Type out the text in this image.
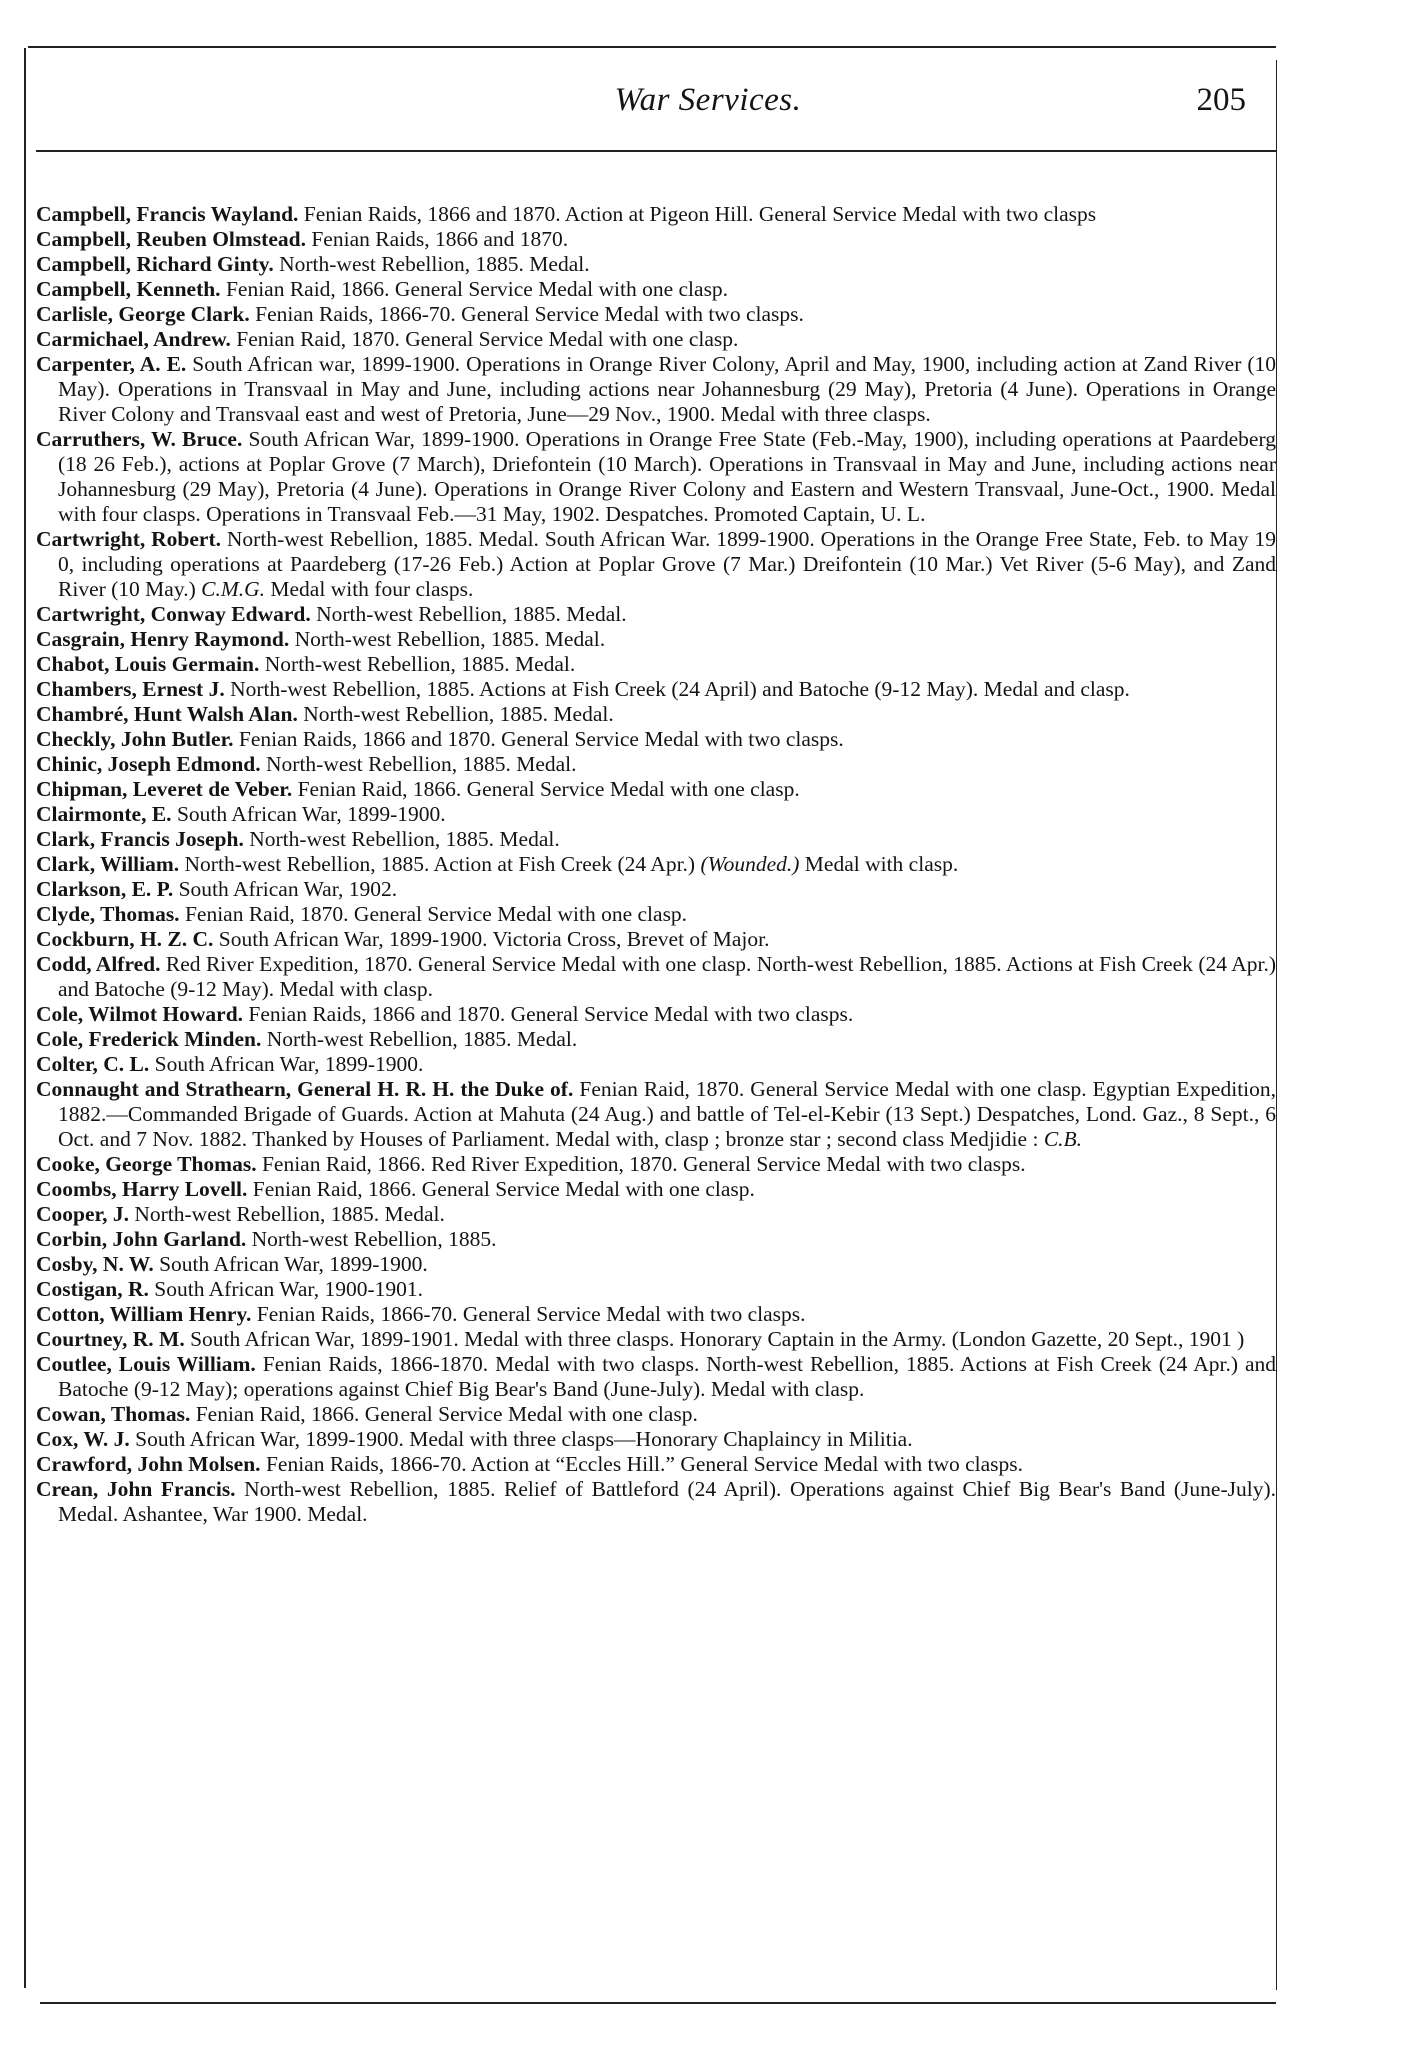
War Services.	205

Campbell, Francis Wayland. Fenian Raids, 1866 and 1870. Action at Pigeon Hill. General Service Medal with two clasps

Campbell, Reuben Olmstead. Fenian Raids, 1866 and 1870.

Campbell, Richard Ginty. North-west Rebellion, 1885. Medal.

Campbell, Kenneth. Fenian Raid, 1866. General Service Medal with one clasp.

Carlisle, George Clark. Fenian Raids, 1866-70. General Service Medal with two clasps.

Carmichael, Andrew. Fenian Raid, 1870. General Service Medal with one clasp.

Carpenter, A. E. South African war, 1899-1900. Operations in Orange River Colony, April and May, 1900, including action at Zand River (10 May). Operations in Transvaal in May and June, including actions near Johannesburg (29 May), Pretoria (4 June). Operations in Orange River Colony and Transvaal east and west of Pretoria, June—29 Nov., 1900. Medal with three clasps.

Carruthers, W. Bruce. South African War, 1899-1900. Operations in Orange Free State (Feb.-May, 1900), including operations at Paardeberg (18 26 Feb.), actions at Poplar Grove (7 March), Driefontein (10 March). Operations in Transvaal in May and June, including actions near Johannesburg (29 May), Pretoria (4 June). Operations in Orange River Colony and Eastern and Western Transvaal, June-Oct., 1900. Medal with four clasps. Operations in Transvaal Feb.—31 May, 1902. Despatches. Promoted Captain, U. L.

Cartwright, Robert. North-west Rebellion, 1885. Medal. South African War. 1899-1900. Operations in the Orange Free State, Feb. to May 19 0, including operations at Paardeberg (17-26 Feb.) Action at Poplar Grove (7 Mar.) Dreifontein (10 Mar.) Vet River (5-6 May), and Zand River (10 May.) C.M.G. Medal with four clasps.

Cartwright, Conway Edward. North-west Rebellion, 1885. Medal.

Casgrain, Henry Raymond. North-west Rebellion, 1885. Medal.

Chabot, Louis Germain. North-west Rebellion, 1885. Medal.

Chambers, Ernest J. North-west Rebellion, 1885. Actions at Fish Creek (24 April) and Batoche (9-12 May). Medal and clasp.

Chambré, Hunt Walsh Alan. North-west Rebellion, 1885. Medal.

Checkly, John Butler. Fenian Raids, 1866 and 1870. General Service Medal with two clasps.

Chinic, Joseph Edmond. North-west Rebellion, 1885. Medal.

Chipman, Leveret de Veber. Fenian Raid, 1866. General Service Medal with one clasp.

Clairmonte, E. South African War, 1899-1900.

Clark, Francis Joseph. North-west Rebellion, 1885. Medal.

Clark, William. North-west Rebellion, 1885. Action at Fish Creek (24 Apr.) (Wounded.) Medal with clasp.

Clarkson, E. P. South African War, 1902.

Clyde, Thomas. Fenian Raid, 1870. General Service Medal with one clasp.

Cockburn, H. Z. C. South African War, 1899-1900. Victoria Cross, Brevet of Major.

Codd, Alfred. Red River Expedition, 1870. General Service Medal with one clasp. North-west Rebellion, 1885. Actions at Fish Creek (24 Apr.) and Batoche (9-12 May). Medal with clasp.

Cole, Wilmot Howard. Fenian Raids, 1866 and 1870. General Service Medal with two clasps.

Cole, Frederick Minden. North-west Rebellion, 1885. Medal.

Colter, C. L. South African War, 1899-1900.

Connaught and Strathearn, General H. R. H. the Duke of. Fenian Raid, 1870. General Service Medal with one clasp. Egyptian Expedition, 1882.—Commanded Brigade of Guards. Action at Mahuta (24 Aug.) and battle of Tel-el-Kebir (13 Sept.) Despatches, Lond. Gaz., 8 Sept., 6 Oct. and 7 Nov. 1882. Thanked by Houses of Parliament. Medal with, clasp ; bronze star ; second class Medjidie : C.B.

Cooke, George Thomas. Fenian Raid, 1866. Red River Expedition, 1870. General Service Medal with two clasps.

Coombs, Harry Lovell. Fenian Raid, 1866. General Service Medal with one clasp.

Cooper, J. North-west Rebellion, 1885. Medal.

Corbin, John Garland. North-west Rebellion, 1885.

Cosby, N. W. South African War, 1899-1900.

Costigan, R. South African War, 1900-1901.

Cotton, William Henry. Fenian Raids, 1866-70. General Service Medal with two clasps.

Courtney, R. M. South African War, 1899-1901. Medal with three clasps. Honorary Captain in the Army. (London Gazette, 20 Sept., 1901 )

Coutlee, Louis William. Fenian Raids, 1866-1870. Medal with two clasps. North-west Rebellion, 1885. Actions at Fish Creek (24 Apr.) and Batoche (9-12 May); operations against Chief Big Bear's Band (June-July). Medal with clasp.

Cowan, Thomas. Fenian Raid, 1866. General Service Medal with one clasp.

Cox, W. J. South African War, 1899-1900. Medal with three clasps—Honorary Chaplaincy in Militia.

Crawford, John Molsen. Fenian Raids, 1866-70. Action at “Eccles Hill.” General Service Medal with two clasps.

Crean, John Francis. North-west Rebellion, 1885. Relief of Battleford (24 April). Operations against Chief Big Bear's Band (June-July). Medal. Ashantee, War 1900. Medal.
